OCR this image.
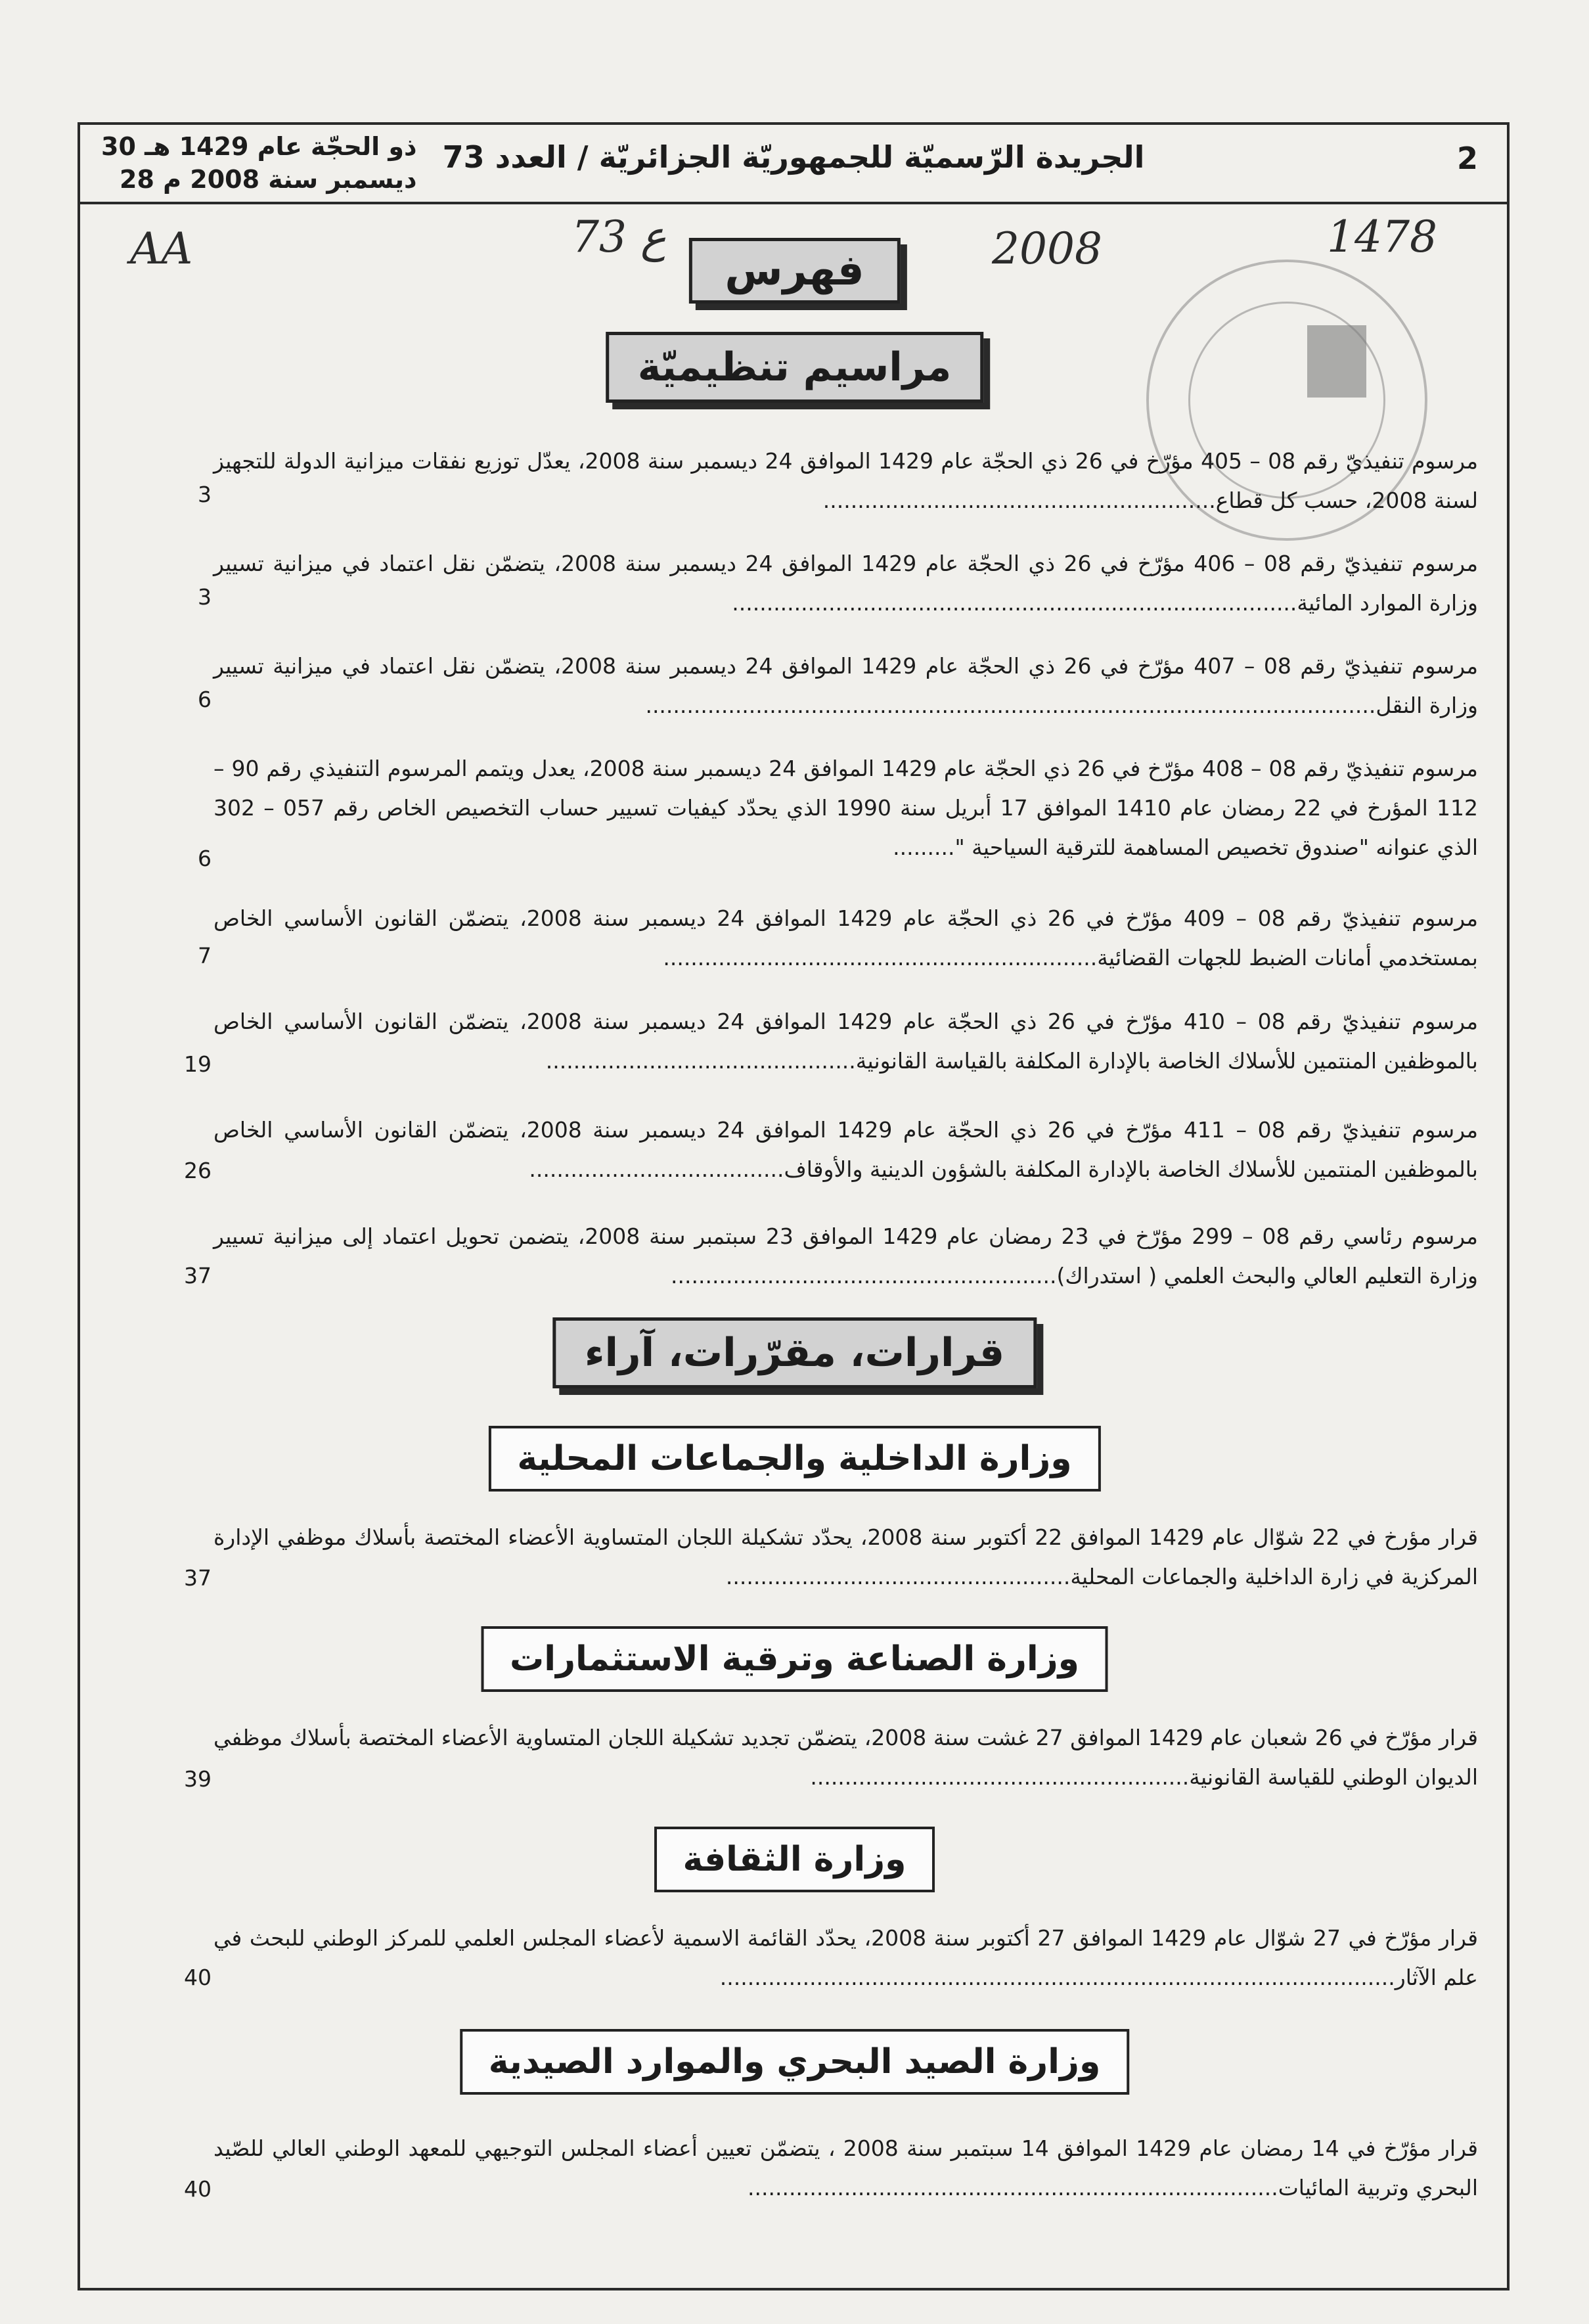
2
الجريدة الرّسميّة للجمهوريّة الجزائريّة / العدد 73
30 ذو الحجّة عام 1429 هـ
28 ديسمبر سنة 2008 م
AA	73 ع	2008	1478
فهرس
مراسيم تنظيميّة
مرسوم تنفيذيّ رقم 08 – 405 مؤرّخ في 26 ذي الحجّة عام 1429 الموافق 24 ديسمبر سنة 2008، يعدّل توزيع نفقات ميزانية الدولة للتجهيز لسنة 2008، حسب كل قطاع.........................................................
3
مرسوم تنفيذيّ رقم 08 – 406 مؤرّخ في 26 ذي الحجّة عام 1429 الموافق 24 ديسمبر سنة 2008، يتضمّن نقل اعتماد في ميزانية تسيير وزارة الموارد المائية..................................................................................
3
مرسوم تنفيذيّ رقم 08 – 407 مؤرّخ في 26 ذي الحجّة عام 1429 الموافق 24 ديسمبر سنة 2008، يتضمّن نقل اعتماد في ميزانية تسيير وزارة النقل..........................................................................................................
6
مرسوم تنفيذيّ رقم 08 – 408 مؤرّخ في 26 ذي الحجّة عام 1429 الموافق 24 ديسمبر سنة 2008، يعدل ويتمم المرسوم التنفيذي رقم 90 – 112 المؤرخ في 22 رمضان عام 1410 الموافق 17 أبريل سنة 1990 الذي يحدّد كيفيات تسيير حساب التخصيص الخاص رقم 057 – 302 الذي عنوانه "صندوق تخصيص المساهمة للترقية السياحية ".........
6
مرسوم تنفيذيّ رقم 08 – 409 مؤرّخ في 26 ذي الحجّة عام 1429 الموافق 24 ديسمبر سنة 2008، يتضمّن القانون الأساسي الخاص بمستخدمي أمانات الضبط للجهات القضائية...............................................................
7
مرسوم تنفيذيّ رقم 08 – 410 مؤرّخ في 26 ذي الحجّة عام 1429 الموافق 24 ديسمبر سنة 2008، يتضمّن القانون الأساسي الخاص بالموظفين المنتمين للأسلاك الخاصة بالإدارة المكلفة بالقياسة القانونية.............................................
19
مرسوم تنفيذيّ رقم 08 – 411 مؤرّخ في 26 ذي الحجّة عام 1429 الموافق 24 ديسمبر سنة 2008، يتضمّن القانون الأساسي الخاص بالموظفين المنتمين للأسلاك الخاصة بالإدارة المكلفة بالشؤون الدينية والأوقاف.....................................
26
مرسوم رئاسي رقم 08 – 299 مؤرّخ في 23 رمضان عام 1429 الموافق 23 سبتمبر سنة 2008، يتضمن تحويل اعتماد إلى ميزانية تسيير وزارة التعليم العالي والبحث العلمي ( استدراك)........................................................
37
قرارات، مقرّرات، آراء
وزارة الداخلية والجماعات المحلية
قرار مؤرخ في 22 شوّال عام 1429 الموافق 22 أكتوبر سنة 2008، يحدّد تشكيلة اللجان المتساوية الأعضاء المختصة بأسلاك موظفي الإدارة المركزية في زارة الداخلية والجماعات المحلية..................................................
37
وزارة الصناعة وترقية الاستثمارات
قرار مؤرّخ في 26 شعبان عام 1429 الموافق 27 غشت سنة 2008، يتضمّن تجديد تشكيلة اللجان المتساوية الأعضاء المختصة بأسلاك موظفي الديوان الوطني للقياسة القانونية.......................................................
39
وزارة الثقافة
قرار مؤرّخ في 27 شوّال عام 1429 الموافق 27 أكتوبر سنة 2008، يحدّد القائمة الاسمية لأعضاء المجلس العلمي للمركز الوطني للبحث في علم الآثار..................................................................................................
40
وزارة الصيد البحري والموارد الصيدية
قرار مؤرّخ في 14 رمضان عام 1429 الموافق 14 سبتمبر سنة 2008 ، يتضمّن تعيين أعضاء المجلس التوجيهي للمعهد الوطني العالي للصّيد البحري وتربية المائيات.............................................................................
40
